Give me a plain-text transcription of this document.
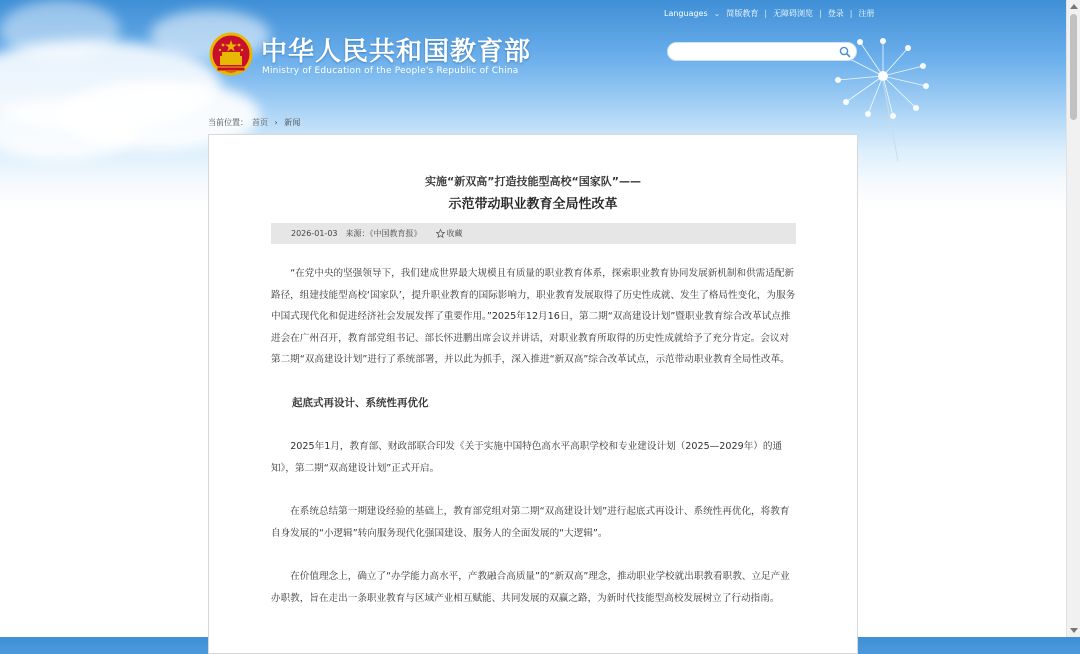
Languages ⌄ 简版教育 | 无障碍浏览 | 登录 | 注册
中华人民共和国教育部
Ministry of Education of the People's Republic of China
当前位置： 首页 › 新闻
实施“新双高”打造技能型高校“国家队”——
示范带动职业教育全局性改革
2026-01-03 来源：《中国教育报》	收藏

“在党中央的坚强领导下，我们建成世界最大规模且有质量的职业教育体系，探索职业教育协同发展新机制和供需适配新路径，组建技能型高校‘国家队’，提升职业教育的国际影响力，职业教育发展取得了历史性成就、发生了格局性变化，为服务中国式现代化和促进经济社会发展发挥了重要作用。”2025年12月16日，第二期“双高建设计划”暨职业教育综合改革试点推进会在广州召开，教育部党组书记、部长怀进鹏出席会议并讲话，对职业教育所取得的历史性成就给予了充分肯定。会议对第二期“双高建设计划”进行了系统部署，并以此为抓手，深入推进“新双高”综合改革试点，示范带动职业教育全局性改革。

起底式再设计、系统性再优化

2025年1月，教育部、财政部联合印发《关于实施中国特色高水平高职学校和专业建设计划（2025—2029年）的通知》，第二期“双高建设计划”正式开启。

在系统总结第一期建设经验的基础上，教育部党组对第二期“双高建设计划”进行起底式再设计、系统性再优化，将教育自身发展的“小逻辑”转向服务现代化强国建设、服务人的全面发展的“大逻辑”。

在价值理念上，确立了“办学能力高水平，产教融合高质量”的“新双高”理念，推动职业学校就出职教看职教、立足产业办职教，旨在走出一条职业教育与区域产业相互赋能、共同发展的双赢之路，为新时代技能型高校发展树立了行动指南。
